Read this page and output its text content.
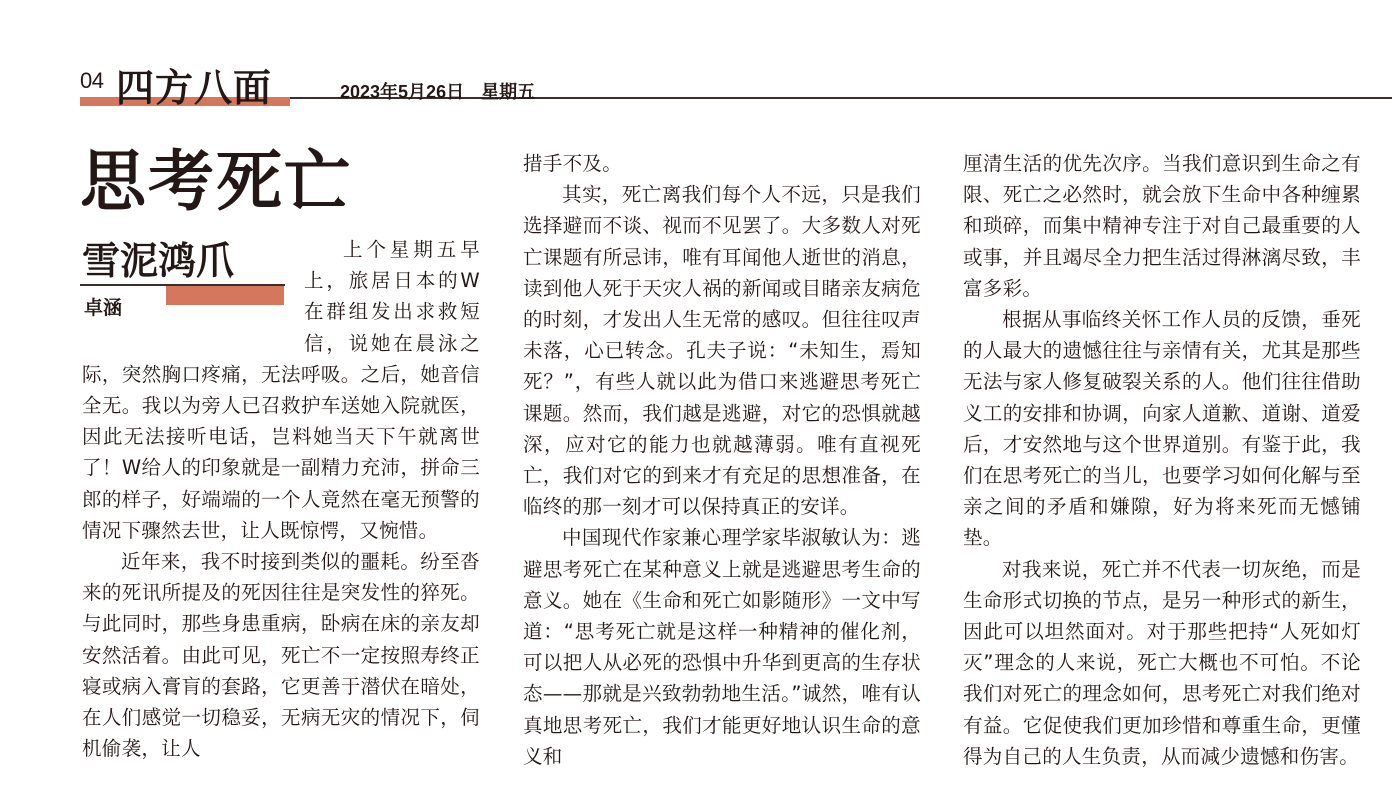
04 四方八面	2023年5月26日 星期五
思考死亡
雪泥鸿爪
卓涵

上个星期五早上，旅居日本的W在群组发出求救短信，说她在晨泳之际，突然胸口疼痛，无法呼吸。之后，她音信全无。我以为旁人已召救护车送她入院就医，因此无法接听电话，岂料她当天下午就离世了！W给人的印象就是一副精力充沛，拼命三郎的样子，好端端的一个人竟然在毫无预警的情况下骤然去世，让人既惊愕，又惋惜。

近年来，我不时接到类似的噩耗。纷至沓来的死讯所提及的死因往往是突发性的猝死。与此同时，那些身患重病，卧病在床的亲友却安然活着。由此可见，死亡不一定按照寿终正寝或病入膏肓的套路，它更善于潜伏在暗处，在人们感觉一切稳妥，无病无灾的情况下，伺机偷袭，让人

措手不及。

其实，死亡离我们每个人不远，只是我们选择避而不谈、视而不见罢了。大多数人对死亡课题有所忌讳，唯有耳闻他人逝世的消息，读到他人死于天灾人祸的新闻或目睹亲友病危的时刻，才发出人生无常的感叹。但往往叹声未落，心已转念。孔夫子说：“未知生，焉知死？”，有些人就以此为借口来逃避思考死亡课题。然而，我们越是逃避，对它的恐惧就越深，应对它的能力也就越薄弱。唯有直视死亡，我们对它的到来才有充足的思想准备，在临终的那一刻才可以保持真正的安详。

中国现代作家兼心理学家毕淑敏认为：逃避思考死亡在某种意义上就是逃避思考生命的意义。她在《生命和死亡如影随形》一文中写道：“思考死亡就是这样一种精神的催化剂，可以把人从必死的恐惧中升华到更高的生存状态——那就是兴致勃勃地生活。”诚然，唯有认真地思考死亡，我们才能更好地认识生命的意义和

厘清生活的优先次序。当我们意识到生命之有限、死亡之必然时，就会放下生命中各种缠累和琐碎，而集中精神专注于对自己最重要的人或事，并且竭尽全力把生活过得淋漓尽致，丰富多彩。

根据从事临终关怀工作人员的反馈，垂死的人最大的遗憾往往与亲情有关，尤其是那些无法与家人修复破裂关系的人。他们往往借助义工的安排和协调，向家人道歉、道谢、道爱后，才安然地与这个世界道别。有鉴于此，我们在思考死亡的当儿，也要学习如何化解与至亲之间的矛盾和嫌隙，好为将来死而无憾铺垫。

对我来说，死亡并不代表一切灰绝，而是生命形式切换的节点，是另一种形式的新生，因此可以坦然面对。对于那些把持“人死如灯灭”理念的人来说，死亡大概也不可怕。不论我们对死亡的理念如何，思考死亡对我们绝对有益。它促使我们更加珍惜和尊重生命，更懂得为自己的人生负责，从而减少遗憾和伤害。
